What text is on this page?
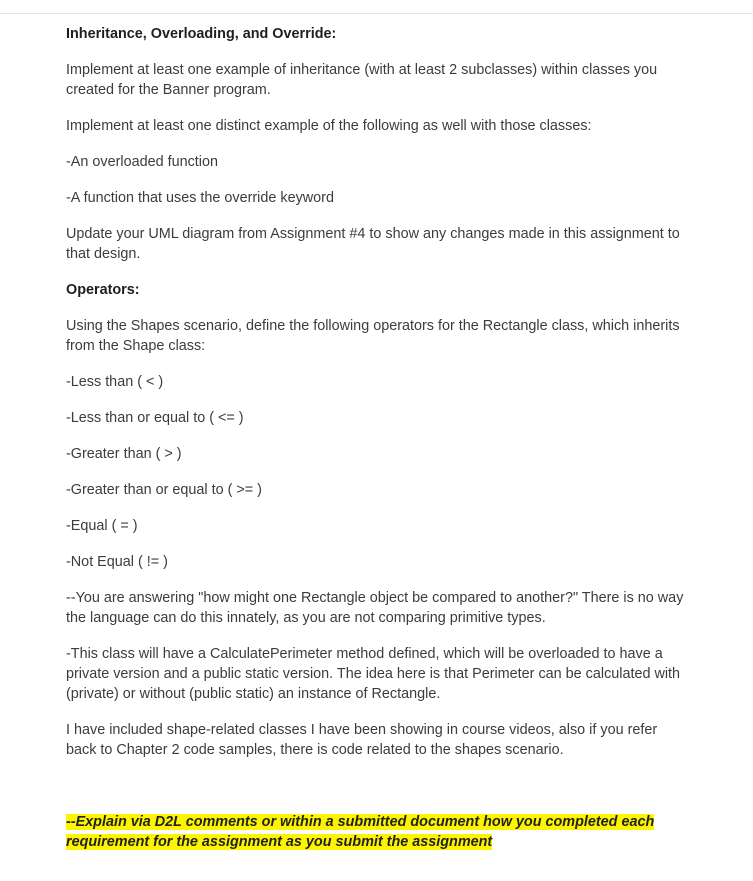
Inheritance, Overloading, and Override:

Implement at least one example of inheritance (with at least 2 subclasses) within classes you created for the Banner program.

Implement at least one distinct example of the following as well with those classes:

-An overloaded function

-A function that uses the override keyword

Update your UML diagram from Assignment #4 to show any changes made in this assignment to that design.

Operators:

Using the Shapes scenario, define the following operators for the Rectangle class, which inherits from the Shape class:

-Less than ( < )

-Less than or equal to ( <= )

-Greater than ( > )

-Greater than or equal to ( >= )

-Equal ( = )

-Not Equal ( != )

--You are answering "how might one Rectangle object be compared to another?" There is no way the language can do this innately, as you are not comparing primitive types.

-This class will have a CalculatePerimeter method defined, which will be overloaded to have a private version and a public static version. The idea here is that Perimeter can be calculated with (private) or without (public static) an instance of Rectangle.

I have included shape-related classes I have been showing in course videos, also if you refer back to Chapter 2 code samples, there is code related to the shapes scenario.

--Explain via D2L comments or within a submitted document how you completed each requirement for the assignment as you submit the assignment
